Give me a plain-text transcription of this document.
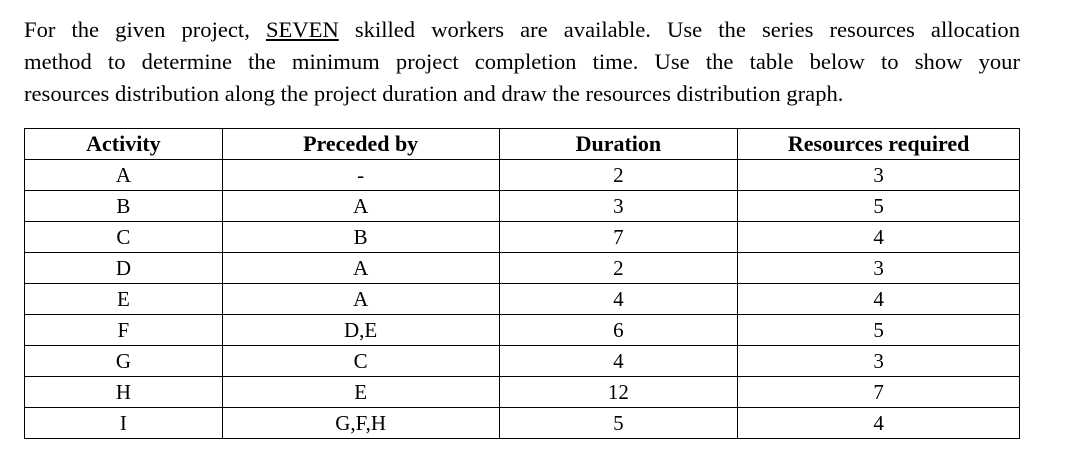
For the given project, SEVEN skilled workers are available. Use the series resources allocation
method to determine the minimum project completion time. Use the table below to show your
resources distribution along the project duration and draw the resources distribution graph.
Activity	Preceded by	Duration	Resources required
A	-	2	3
B	A	3	5
C	B	7	4
D	A	2	3
E	A	4	4
F	D,E	6	5
G	C	4	3
H	E	12	7
I	G,F,H	5	4
